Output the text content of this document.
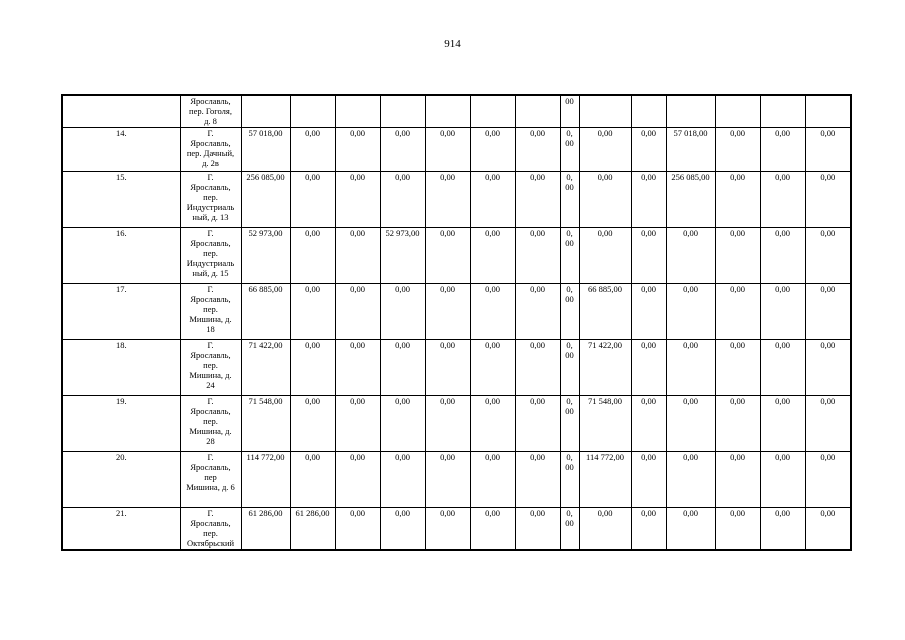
914

	Ярославль,
пер. Гоголя,
д. 8								00						
14.	Г.
Ярославль,
пер. Дачный,
д. 2в	57 018,00	0,00	0,00	0,00	0,00	0,00	0,00	0, 00	0,00	0,00	57 018,00	0,00	0,00	0,00
15.	Г.
Ярославль,
пер.
Индустриаль
ный, д. 13	256 085,00	0,00	0,00	0,00	0,00	0,00	0,00	0, 00	0,00	0,00	256 085,00	0,00	0,00	0,00
16.	Г.
Ярославль,
пер.
Индустриаль
ный, д. 15	52 973,00	0,00	0,00	52 973,00	0,00	0,00	0,00	0, 00	0,00	0,00	0,00	0,00	0,00	0,00
17.	Г.
Ярославль,
пер.
Мишина, д.
18	66 885,00	0,00	0,00	0,00	0,00	0,00	0,00	0, 00	66 885,00	0,00	0,00	0,00	0,00	0,00
18.	Г.
Ярославль,
пер.
Мишина, д.
24	71 422,00	0,00	0,00	0,00	0,00	0,00	0,00	0, 00	71 422,00	0,00	0,00	0,00	0,00	0,00
19.	Г.
Ярославль,
пер.
Мишина, д.
28	71 548,00	0,00	0,00	0,00	0,00	0,00	0,00	0, 00	71 548,00	0,00	0,00	0,00	0,00	0,00
20.	Г.
Ярославль,
пер
Мишина, д. 6	114 772,00	0,00	0,00	0,00	0,00	0,00	0,00	0, 00	114 772,00	0,00	0,00	0,00	0,00	0,00
21.	Г.
Ярославль,
пер.
Октябрьский	61 286,00	61 286,00	0,00	0,00	0,00	0,00	0,00	0, 00	0,00	0,00	0,00	0,00	0,00	0,00
